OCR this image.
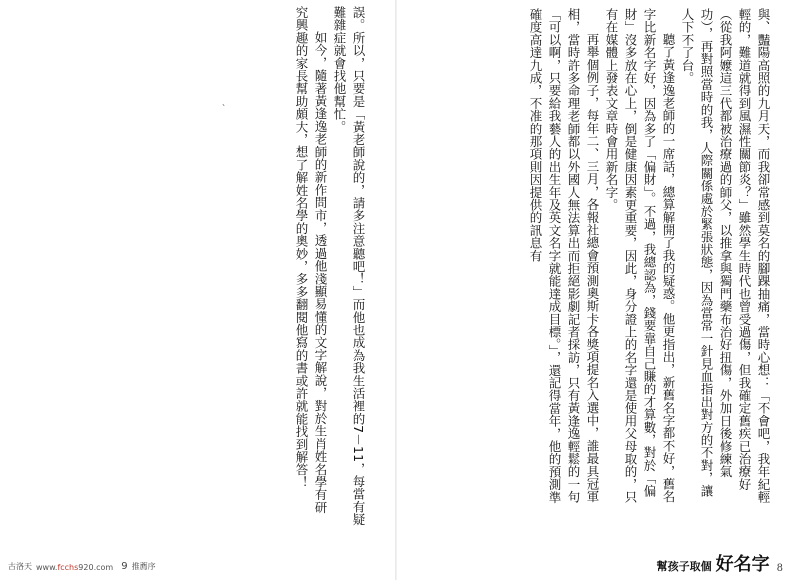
誤。所以，只要是「黃老師說的，請多注意聽吧！」而他也成為我生活裡的7－11，每當有疑難雜症就會找他幫忙。

如今，隨著黃逢逸老師的新作問市，透過他淺顯易懂的文字解說，對於生肖姓名學有研究興趣的家長幫助頗大，想了解姓名學的奧妙，多多翻閱他寫的書或許就能找到解答！

、
古洛天 www.fcchs920.com 9 推薦序

與、豔陽高照的九月天，而我卻常感到莫名的腳踝抽痛，當時心想：「不會吧，我年紀輕輕的，難道就得到風濕性關節炎？」雖然學生時代也曾受過傷，但我確定舊疾已治療好（從我阿嬤這三代都被治療過的師父，以推拿與獨門藥布治好扭傷，外加日後修練氣功），再對照當時的我，人際關係處於緊張狀態，因為當常一針見血指出對方的不對，讓人下不了台。

聽了黃逢逸老師的一席話，總算解開了我的疑惑。他更指出，新舊名字都不好，舊名字比新名字好，因為多了「偏財」。不過，我總認為，錢要靠自己賺的才算數，對於「偏財」沒多放在心上，倒是健康因素更重要，因此，身分證上的名字還是使用父母取的，只有在媒體上發表文章時會用新名字。

再舉個例子，每年二、三月，各報社總會預測奧斯卡各獎項提名入選中，誰最具冠軍相，當時許多命理老師都以外國人無法算出而拒絕影劇記者採訪，只有黃逢逸輕鬆的一句「可以啊，只要給我藝人的出生年及英文名字就能達成目標。」，還記得當年，他的預測準確度高達九成，不准的那項則因提供的訊息有

幫孩子取個 好名字 8
